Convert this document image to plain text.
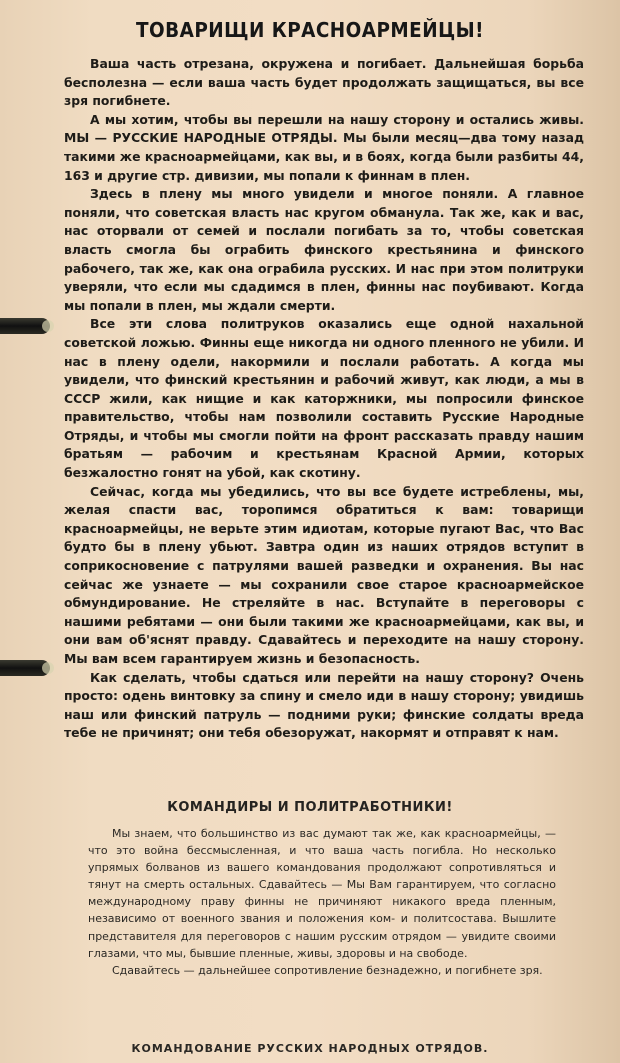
ТОВАРИЩИ КРАСНОАРМЕЙЦЫ!

Ваша часть отрезана, окружена и погибает. Дальнейшая борьба бесполезна — если ваша часть будет продолжать защищаться, вы все зря погибнете.

А мы хотим, чтобы вы перешли на нашу сторону и остались живы. МЫ — РУССКИЕ НАРОДНЫЕ ОТРЯДЫ. Мы были месяц—два тому назад такими же красноармейцами, как вы, и в боях, когда были разбиты 44, 163 и другие стр. дивизии, мы попали к финнам в плен.

Здесь в плену мы много увидели и многое поняли. А главное поняли, что советская власть нас кругом обманула. Так же, как и вас, нас оторвали от семей и послали погибать за то, чтобы советская власть смогла бы ограбить финского крестьянина и финского рабочего, так же, как она ограбила русских. И нас при этом политруки уверяли, что если мы сдадимся в плен, финны нас поубивают. Когда мы попали в плен, мы ждали смерти.

Все эти слова политруков оказались еще одной нахальной советской ложью. Финны еще никогда ни одного пленного не убили. И нас в плену одели, накормили и послали работать. А когда мы увидели, что финский крестьянин и рабочий живут, как люди, а мы в СССР жили, как нищие и как каторжники, мы попросили финское правительство, чтобы нам позволили составить Русские Народные Отряды, и чтобы мы смогли пойти на фронт рассказать правду нашим братьям — рабочим и крестьянам Красной Армии, которых безжалостно гонят на убой, как скотину.

Сейчас, когда мы убедились, что вы все будете истреблены, мы, желая спасти вас, торопимся обратиться к вам: товарищи красноармейцы, не верьте этим идиотам, которые пугают Вас, что Вас будто бы в плену убьют. Завтра один из наших отрядов вступит в соприкосновение с патрулями вашей разведки и охранения. Вы нас сейчас же узнаете — мы сохранили свое старое красноармейское обмундирование. Не стреляйте в нас. Вступайте в переговоры с нашими ребятами — они были такими же красноармейцами, как вы, и они вам об'яснят правду. Сдавайтесь и переходите на нашу сторону. Мы вам всем гарантируем жизнь и безопасность.

Как сделать, чтобы сдаться или перейти на нашу сторону? Очень просто: одень винтовку за спину и смело иди в нашу сторону; увидишь наш или финский патруль — подними руки; финские солдаты вреда тебе не причинят; они тебя обезоружат, накормят и отправят к нам.

КОМАНДИРЫ И ПОЛИТРАБОТНИКИ!

Мы знаем, что большинство из вас думают так же, как красноармейцы, — что это война бессмысленная, и что ваша часть погибла. Но несколько упрямых болванов из вашего командования продолжают сопротивляться и тянут на смерть остальных. Сдавайтесь — Мы Вам гарантируем, что согласно международному праву финны не причиняют никакого вреда пленным, независимо от военного звания и положения ком- и политсостава. Вышлите представителя для переговоров с нашим русским отрядом — увидите своими глазами, что мы, бывшие пленные, живы, здоровы и на свободе.

Сдавайтесь — дальнейшее сопротивление безнадежно, и погибнете зря.

КОМАНДОВАНИЕ РУССКИХ НАРОДНЫХ ОТРЯДОВ.
